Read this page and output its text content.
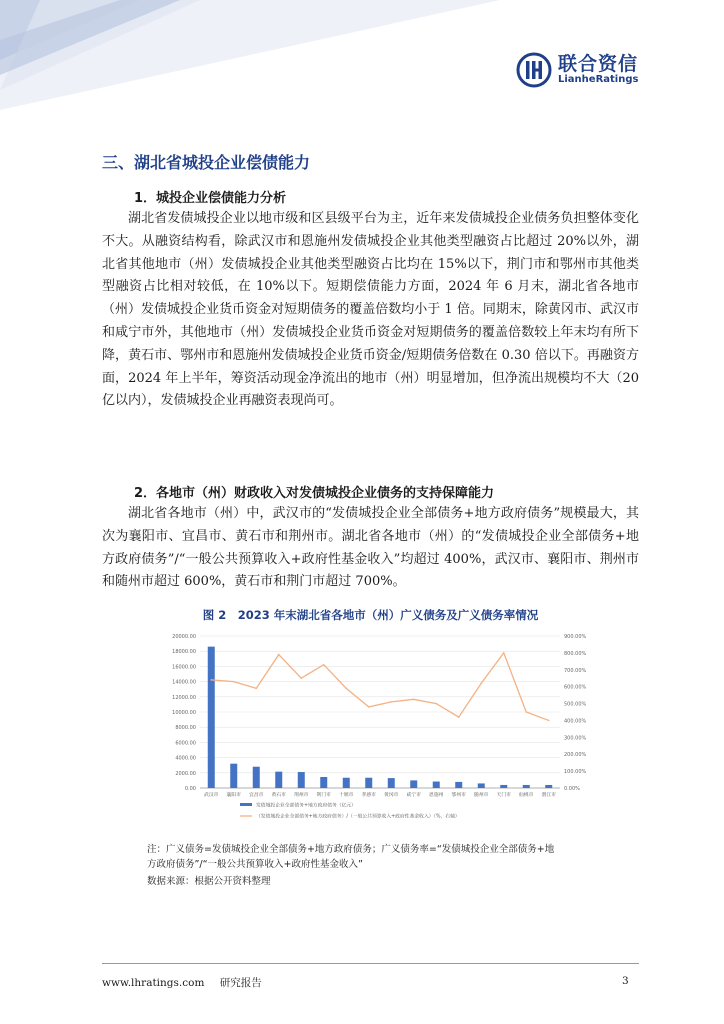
联合资信
LianheRatings
三、湖北省城投企业偿债能力
1．城投企业偿债能力分析

湖北省发债城投企业以地市级和区县级平台为主，近年来发债城投企业债务负担整体变化不大。从融资结构看，除武汉市和恩施州发债城投企业其他类型融资占比超过 20%以外，湖北省其他地市（州）发债城投企业其他类型融资占比均在 15%以下，荆门市和鄂州市其他类型融资占比相对较低，在 10%以下。短期偿债能力方面，2024 年 6 月末，湖北省各地市（州）发债城投企业货币资金对短期债务的覆盖倍数均小于 1 倍。同期末，除黄冈市、武汉市和咸宁市外，其他地市（州）发债城投企业货币资金对短期债务的覆盖倍数较上年末均有所下降，黄石市、鄂州市和恩施州发债城投企业货币资金/短期债务倍数在 0.30 倍以下。再融资方面，2024 年上半年，筹资活动现金净流出的地市（州）明显增加，但净流出规模均不大（20 亿以内），发债城投企业再融资表现尚可。

2．各地市（州）财政收入对发债城投企业债务的支持保障能力

湖北省各地市（州）中，武汉市的“发债城投企业全部债务+地方政府债务”规模最大，其次为襄阳市、宜昌市、黄石市和荆州市。湖北省各地市（州）的“发债城投企业全部债务+地方政府债务”/“一般公共预算收入+政府性基金收入”均超过 400%，武汉市、襄阳市、荆州市和随州市超过 600%，黄石市和荆门市超过 700%。

图 2　2023 年末湖北省各地市（州）广义债务及广义债务率情况
0.00
2000.00
4000.00
6000.00
8000.00
10000.00
12000.00
14000.00
16000.00
18000.00
20000.00
0.00%
100.00%
200.00%
300.00%
400.00%
500.00%
600.00%
700.00%
800.00%
900.00%
武汉市 襄阳市 宜昌市 黄石市 荆州市 荆门市 十堰市 孝感市 黄冈市 咸宁市 恩施州 鄂州市 随州市 天门市 仙桃市 潜江市
发债城投企业全部债务+地方政府债务（亿元）
（发债城投企业全部债务+地方政府债务）/（一般公共预算收入+政府性基金收入）（%，右轴）

注：广义债务=发债城投企业全部债务+地方政府债务；广义债务率=“发债城投企业全部债务+地

方政府债务”/“一般公共预算收入+政府性基金收入”

数据来源：根据公开资料整理

www.lhratings.com 研究报告	3
